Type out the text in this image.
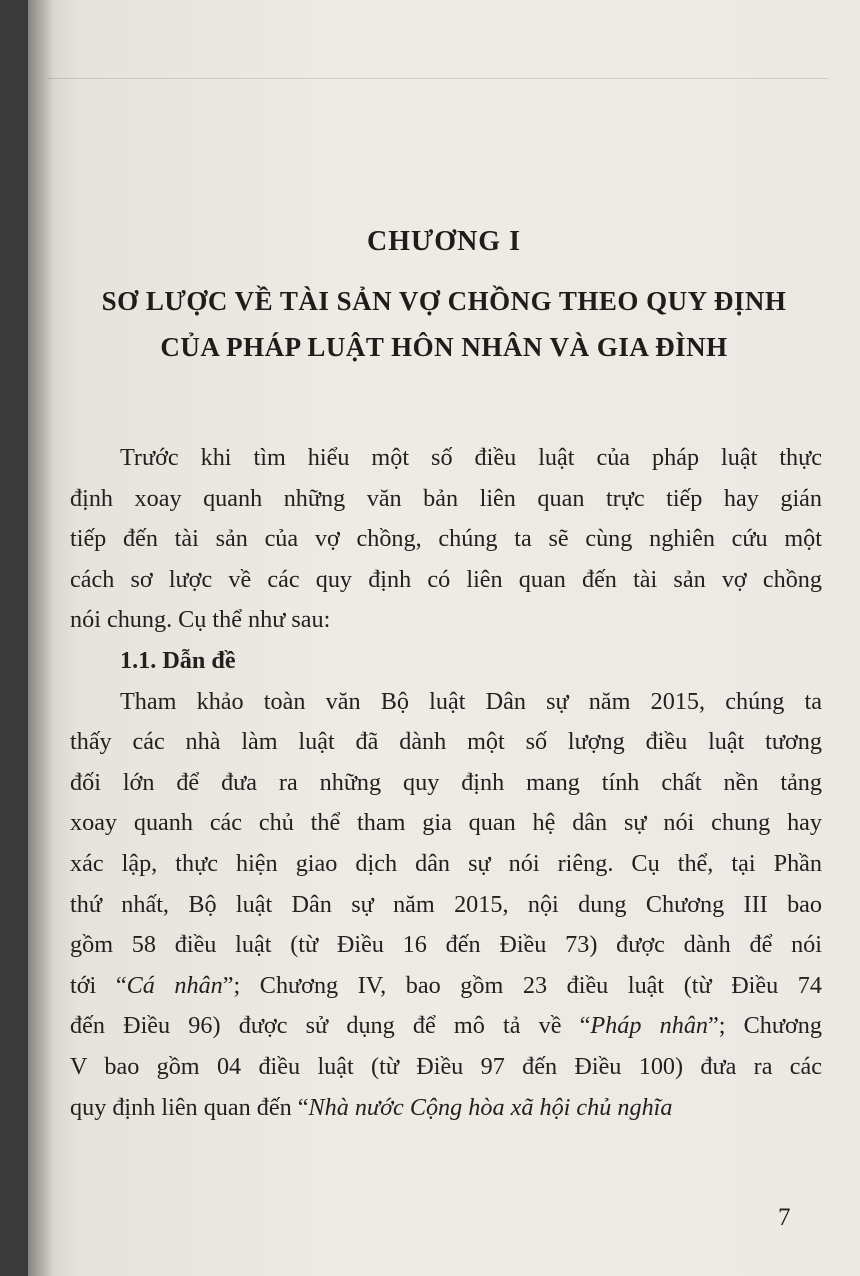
CHƯƠNG I
SƠ LƯỢC VỀ TÀI SẢN VỢ CHỒNG THEO QUY ĐỊNH
CỦA PHÁP LUẬT HÔN NHÂN VÀ GIA ĐÌNH
Trước khi tìm hiểu một số điều luật của pháp luật thực
định xoay quanh những văn bản liên quan trực tiếp hay gián
tiếp đến tài sản của vợ chồng, chúng ta sẽ cùng nghiên cứu một
cách sơ lược về các quy định có liên quan đến tài sản vợ chồng
nói chung. Cụ thể như sau:
1.1. Dẫn đề
Tham khảo toàn văn Bộ luật Dân sự năm 2015, chúng ta
thấy các nhà làm luật đã dành một số lượng điều luật tương
đối lớn để đưa ra những quy định mang tính chất nền tảng
xoay quanh các chủ thể tham gia quan hệ dân sự nói chung hay
xác lập, thực hiện giao dịch dân sự nói riêng. Cụ thể, tại Phần
thứ nhất, Bộ luật Dân sự năm 2015, nội dung Chương III bao
gồm 58 điều luật (từ Điều 16 đến Điều 73) được dành để nói
tới “Cá nhân”; Chương IV, bao gồm 23 điều luật (từ Điều 74
đến Điều 96) được sử dụng để mô tả về “Pháp nhân”; Chương
V bao gồm 04 điều luật (từ Điều 97 đến Điều 100) đưa ra các
quy định liên quan đến “Nhà nước Cộng hòa xã hội chủ nghĩa
7
